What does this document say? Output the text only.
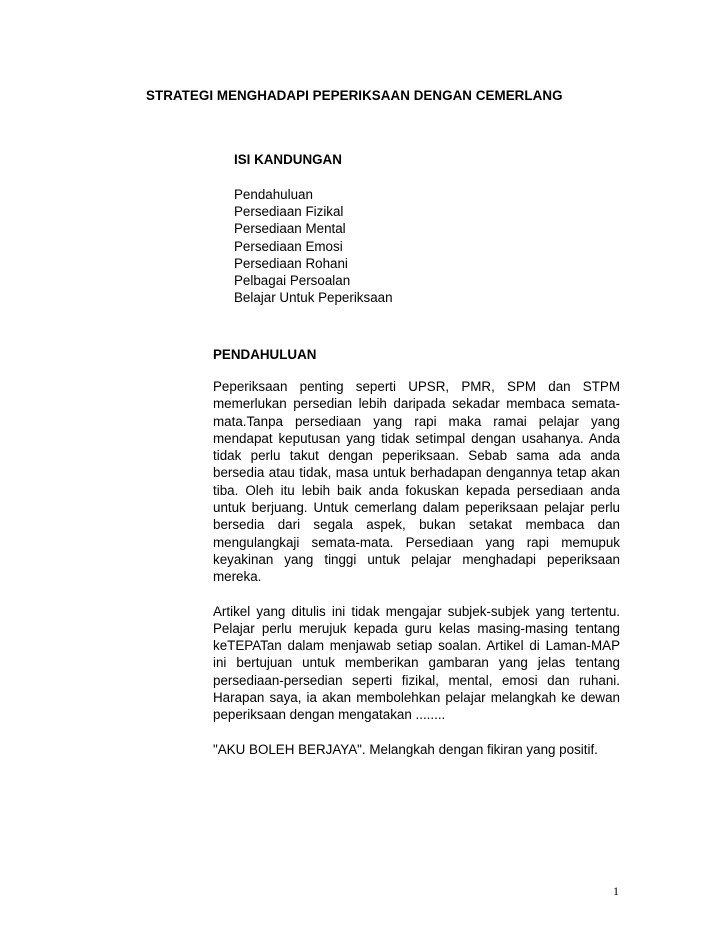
STRATEGI MENGHADAPI PEPERIKSAAN DENGAN CEMERLANG
ISI KANDUNGAN
Pendahuluan
Persediaan Fizikal
Persediaan Mental
Persediaan Emosi
Persediaan Rohani
Pelbagai Persoalan
Belajar Untuk Peperiksaan
PENDAHULUAN

Peperiksaan penting seperti UPSR, PMR, SPM dan STPM memerlukan persedian lebih daripada sekadar membaca semata-mata.Tanpa persediaan yang rapi maka ramai pelajar yang mendapat keputusan yang tidak setimpal dengan usahanya. Anda tidak perlu takut dengan peperiksaan. Sebab sama ada anda bersedia atau tidak, masa untuk berhadapan dengannya tetap akan tiba. Oleh itu lebih baik anda fokuskan kepada persediaan anda untuk berjuang. Untuk cemerlang dalam peperiksaan pelajar perlu bersedia dari segala aspek, bukan setakat membaca dan mengulangkaji semata-mata. Persediaan yang rapi memupuk keyakinan yang tinggi untuk pelajar menghadapi peperiksaan mereka.

Artikel yang ditulis ini tidak mengajar subjek-subjek yang tertentu. Pelajar perlu merujuk kepada guru kelas masing-masing tentang keTEPATan dalam menjawab setiap soalan. Artikel di Laman-MAP ini bertujuan untuk memberikan gambaran yang jelas tentang persediaan-persedian seperti fizikal, mental, emosi dan ruhani. Harapan saya, ia akan membolehkan pelajar melangkah ke dewan peperiksaan dengan mengatakan ........

"AKU BOLEH BERJAYA". Melangkah dengan fikiran yang positif.

1
